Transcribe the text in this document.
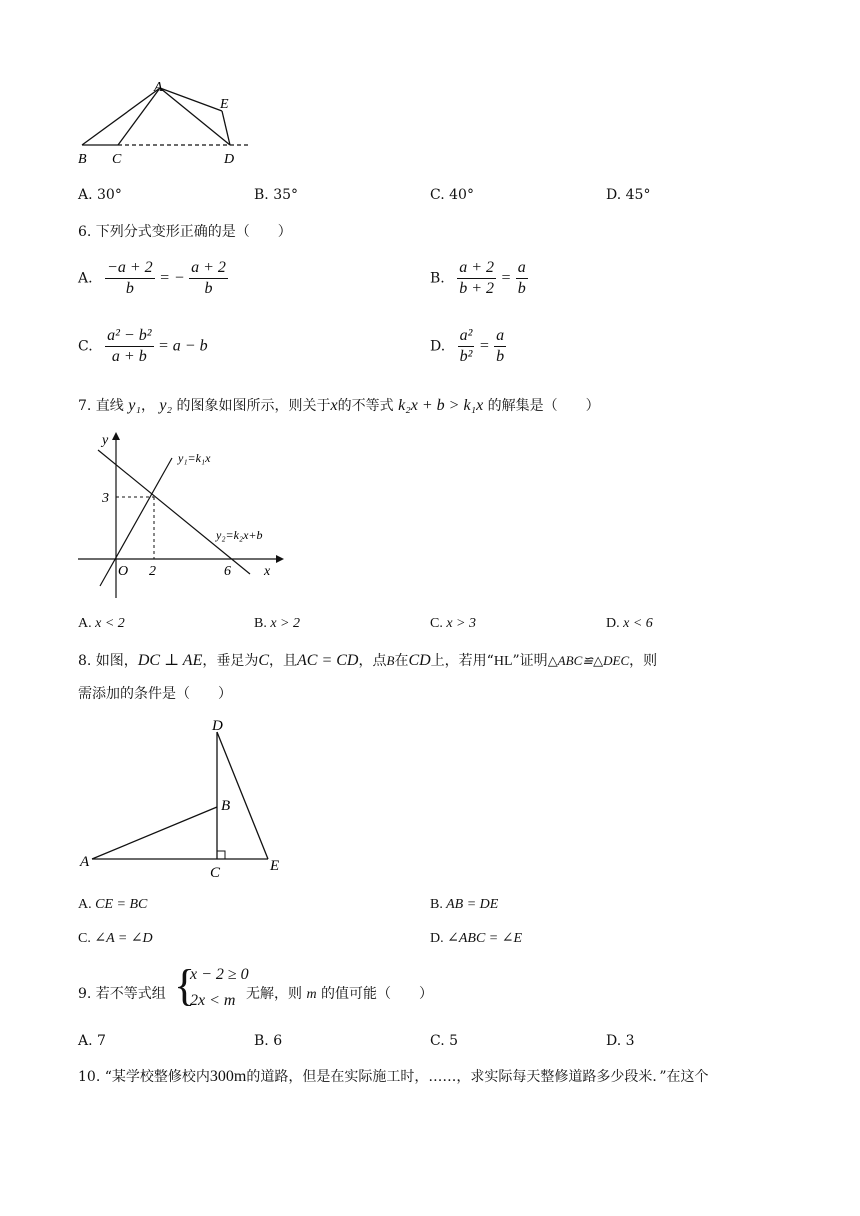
A
E
B C	D
A. 30°	B. 35°	C. 40°	D. 45°
6. 下列分式变形正确的是（　　）
A. $\frac{-a + 2}{b}$ = − $\frac{a + 2}{b}$	B. $\frac{a + 2}{b + 2} = \frac{a}{b}$
C. $\frac{\text{a² − b²}}{a + b} = a - b$	D. $\frac{\text{a²}}{\text{b²}} = \frac{a}{b}$
7. 直线 y₁， y₂ 的图象如图所示，则关于x的不等式 k₂x + b > k₁x 的解集是（　　）
y
x
O 2	6
3
y₁=k₁x
y₂=k₂x+b
A. x < 2	B. x > 2	C. x > 3	D. x < 6
8. 如图，DC ⊥ AE，垂足为C，且AC = CD，点B在CD上，若用“HL”证明△ABC≌△DEC，则
需添加的条件是（　　）
D
B
A
C	E
A. CE = BC	B. AB = DE
C. ∠A = ∠D	D. ∠ABC = ∠E
9. 若不等式组 {
x − 2 ≥ 0
2x < m 无解，则 m 的值可能（　　）
A. 7	B. 6	C. 5	D. 3
10. “某学校整修校内300m的道路，但是在实际施工时，……，求实际每天整修道路多少段米．”在这个
